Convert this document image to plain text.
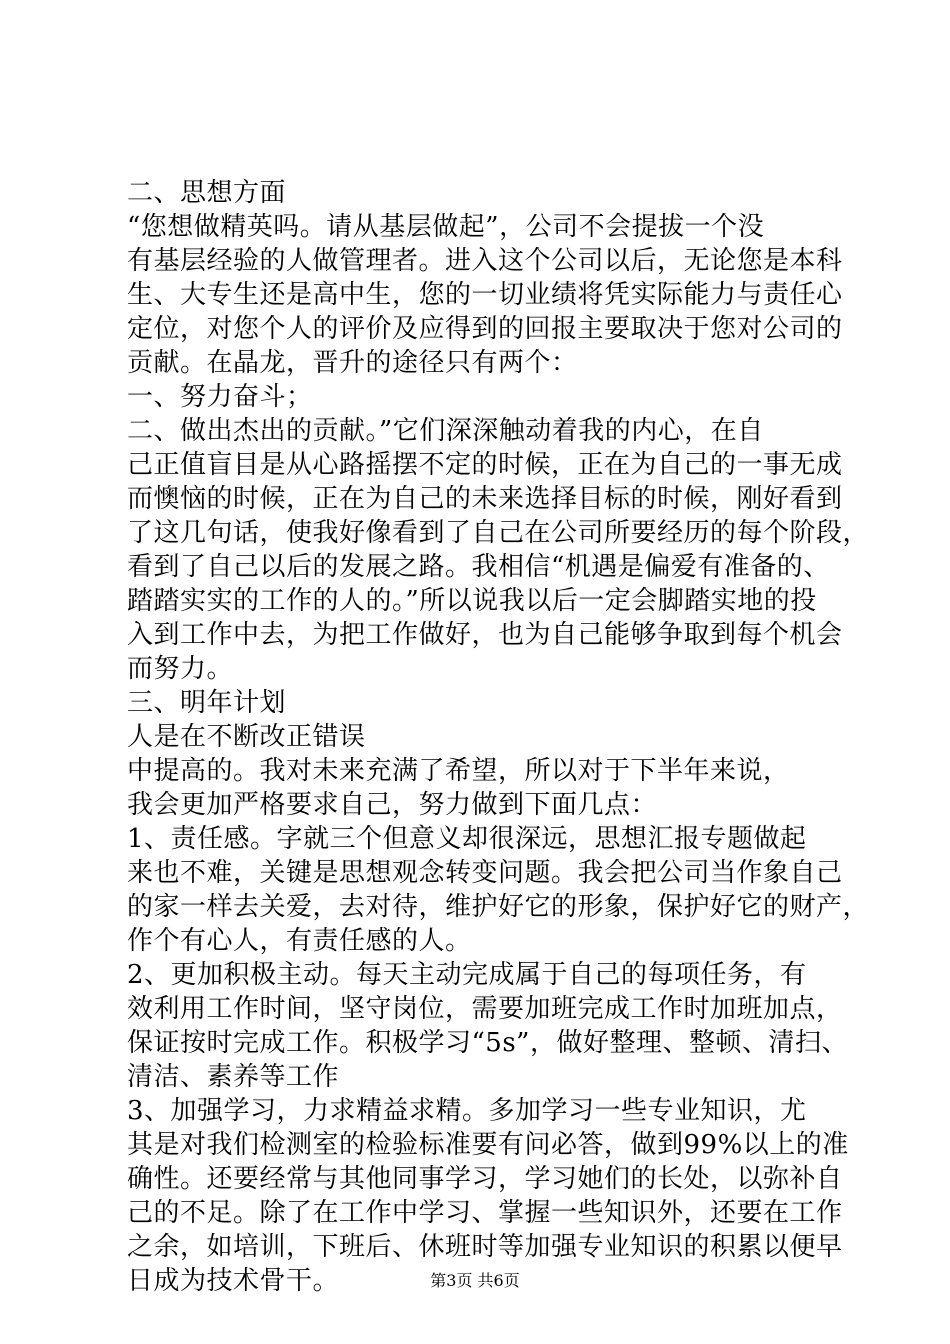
二、思想方面
“您想做精英吗。请从基层做起”，公司不会提拔一个没
有基层经验的人做管理者。进入这个公司以后，无论您是本科
生、大专生还是高中生，您的一切业绩将凭实际能力与责任心
定位，对您个人的评价及应得到的回报主要取决于您对公司的
贡献。在晶龙，晋升的途径只有两个：
一、努力奋斗；
二、做出杰出的贡献。”它们深深触动着我的内心，在自
己正值盲目是从心路摇摆不定的时候，正在为自己的一事无成
而懊恼的时候，正在为自己的未来选择目标的时候，刚好看到
了这几句话，使我好像看到了自己在公司所要经历的每个阶段，
看到了自己以后的发展之路。我相信“机遇是偏爱有准备的、
踏踏实实的工作的人的。”所以说我以后一定会脚踏实地的投
入到工作中去，为把工作做好，也为自己能够争取到每个机会
而努力。
三、明年计划
人是在不断改正错误
中提高的。我对未来充满了希望，所以对于下半年来说，
我会更加严格要求自己，努力做到下面几点：
1、责任感。字就三个但意义却很深远，思想汇报专题做起
来也不难，关键是思想观念转变问题。我会把公司当作象自己
的家一样去关爱，去对待，维护好它的形象，保护好它的财产，
作个有心人，有责任感的人。
2、更加积极主动。每天主动完成属于自己的每项任务，有
效利用工作时间，坚守岗位，需要加班完成工作时加班加点，
保证按时完成工作。积极学习“5s”，做好整理、整顿、清扫、
清洁、素养等工作
3、加强学习，力求精益求精。多加学习一些专业知识，尤
其是对我们检测室的检验标准要有问必答，做到99%以上的准
确性。还要经常与其他同事学习，学习她们的长处，以弥补自
己的不足。除了在工作中学习、掌握一些知识外，还要在工作
之余，如培训，下班后、休班时等加强专业知识的积累以便早
日成为技术骨干。	第3页 共6页
